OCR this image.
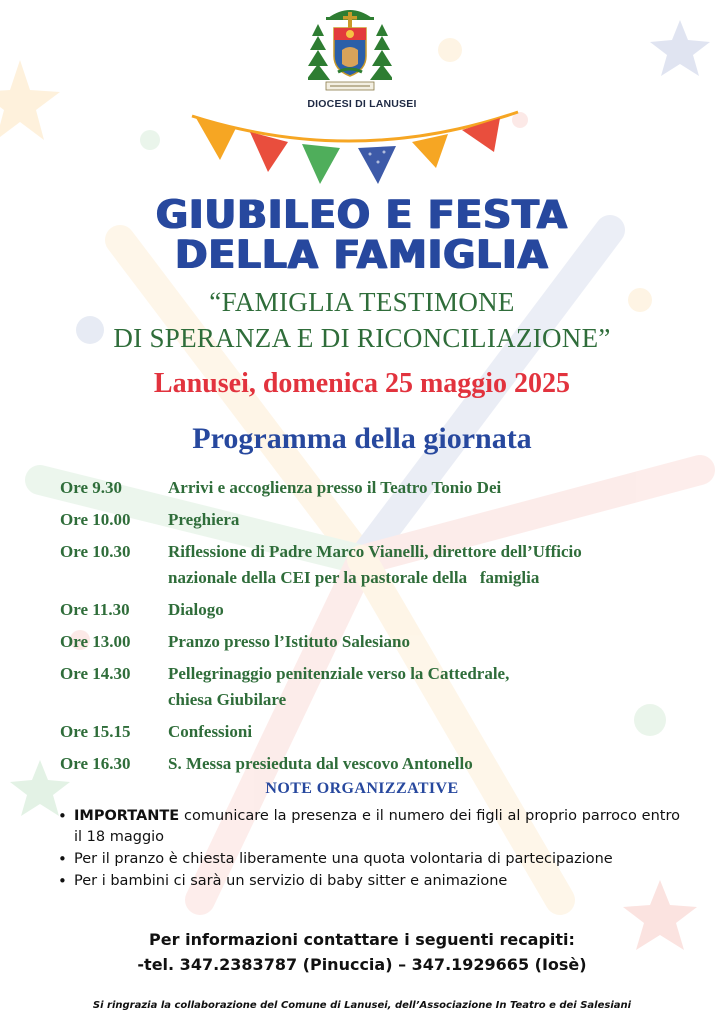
DIOCESI DI LANUSEI
GIUBILEO E FESTA
DELLA FAMIGLIA
“FAMIGLIA TESTIMONE
DI SPERANZA E DI RICONCILIAZIONE”
Lanusei, domenica 25 maggio 2025
Programma della giornata
Ore 9.30	Arrivi e accoglienza presso il Teatro Tonio Dei
Ore 10.00	Preghiera
Ore 10.30	Riflessione di Padre Marco Vianelli, direttore dell’Ufficio
nazionale della CEI per la pastorale della   famiglia
Ore 11.30	Dialogo
Ore 13.00	Pranzo presso l’Istituto Salesiano
Ore 14.30	Pellegrinaggio penitenziale verso la Cattedrale,
chiesa Giubilare
Ore 15.15	Confessioni
Ore 16.30	S. Messa presieduta dal vescovo Antonello
NOTE ORGANIZZATIVE
• IMPORTANTE comunicare la presenza e il numero dei figli al proprio parroco entro il 18 maggio
• Per il pranzo è chiesta liberamente una quota volontaria di partecipazione
• Per i bambini ci sarà un servizio di baby sitter e animazione
Per informazioni contattare i seguenti recapiti:
-tel. 347.2383787 (Pinuccia) – 347.1929665 (Iosè)
Si ringrazia la collaborazione del Comune di Lanusei, dell’Associazione In Teatro e dei Salesiani
